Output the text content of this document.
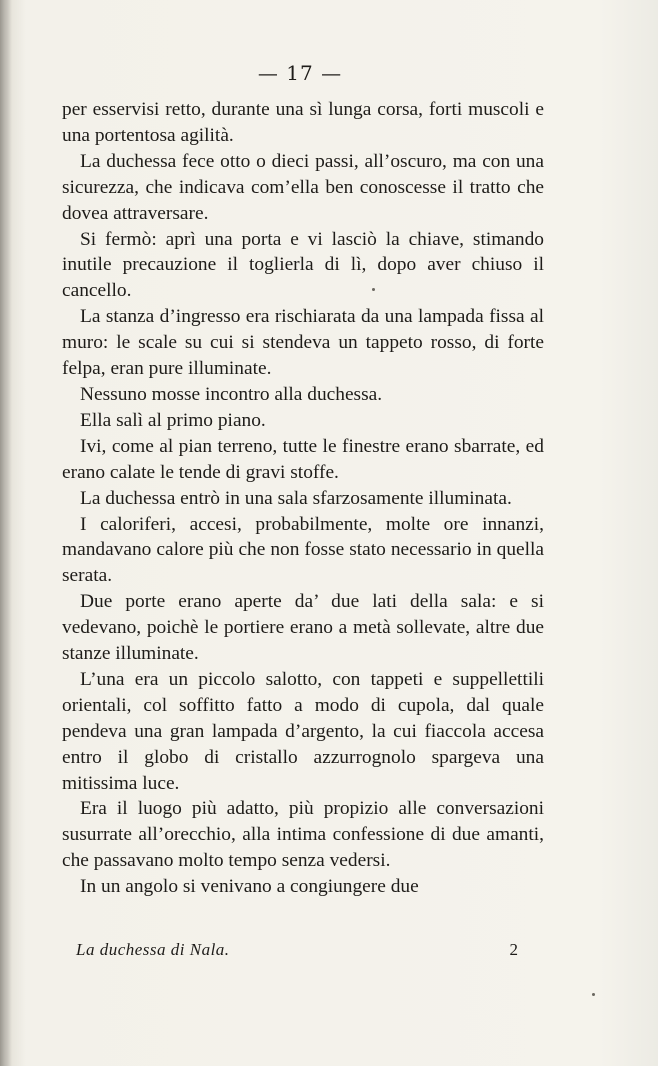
— 17 —

per esservisi retto, durante una sì lunga corsa, forti muscoli e una portentosa agilità.

La duchessa fece otto o dieci passi, all’oscuro, ma con una sicurezza, che indicava com’ella ben conoscesse il tratto che dovea attraversare.

Si fermò: aprì una porta e vi lasciò la chiave, stimando inutile precauzione il toglierla di lì, dopo aver chiuso il cancello.

La stanza d’ingresso era rischiarata da una lampada fissa al muro: le scale su cui si stendeva un tappeto rosso, di forte felpa, eran pure illuminate.

Nessuno mosse incontro alla duchessa.

Ella salì al primo piano.

Ivi, come al pian terreno, tutte le finestre erano sbarrate, ed erano calate le tende di gravi stoffe.

La duchessa entrò in una sala sfarzosamente illuminata.

I caloriferi, accesi, probabilmente, molte ore innanzi, mandavano calore più che non fosse stato necessario in quella serata.

Due porte erano aperte da’ due lati della sala: e si vedevano, poichè le portiere erano a metà sollevate, altre due stanze illuminate.

L’una era un piccolo salotto, con tappeti e suppellettili orientali, col soffitto fatto a modo di cupola, dal quale pendeva una gran lampada d’argento, la cui fiaccola accesa entro il globo di cristallo azzurrognolo spargeva una mitissima luce.

Era il luogo più adatto, più propizio alle conversazioni susurrate all’orecchio, alla intima confessione di due amanti, che passavano molto tempo senza vedersi.

In un angolo si venivano a congiungere due

La duchessa di Nala.	2
